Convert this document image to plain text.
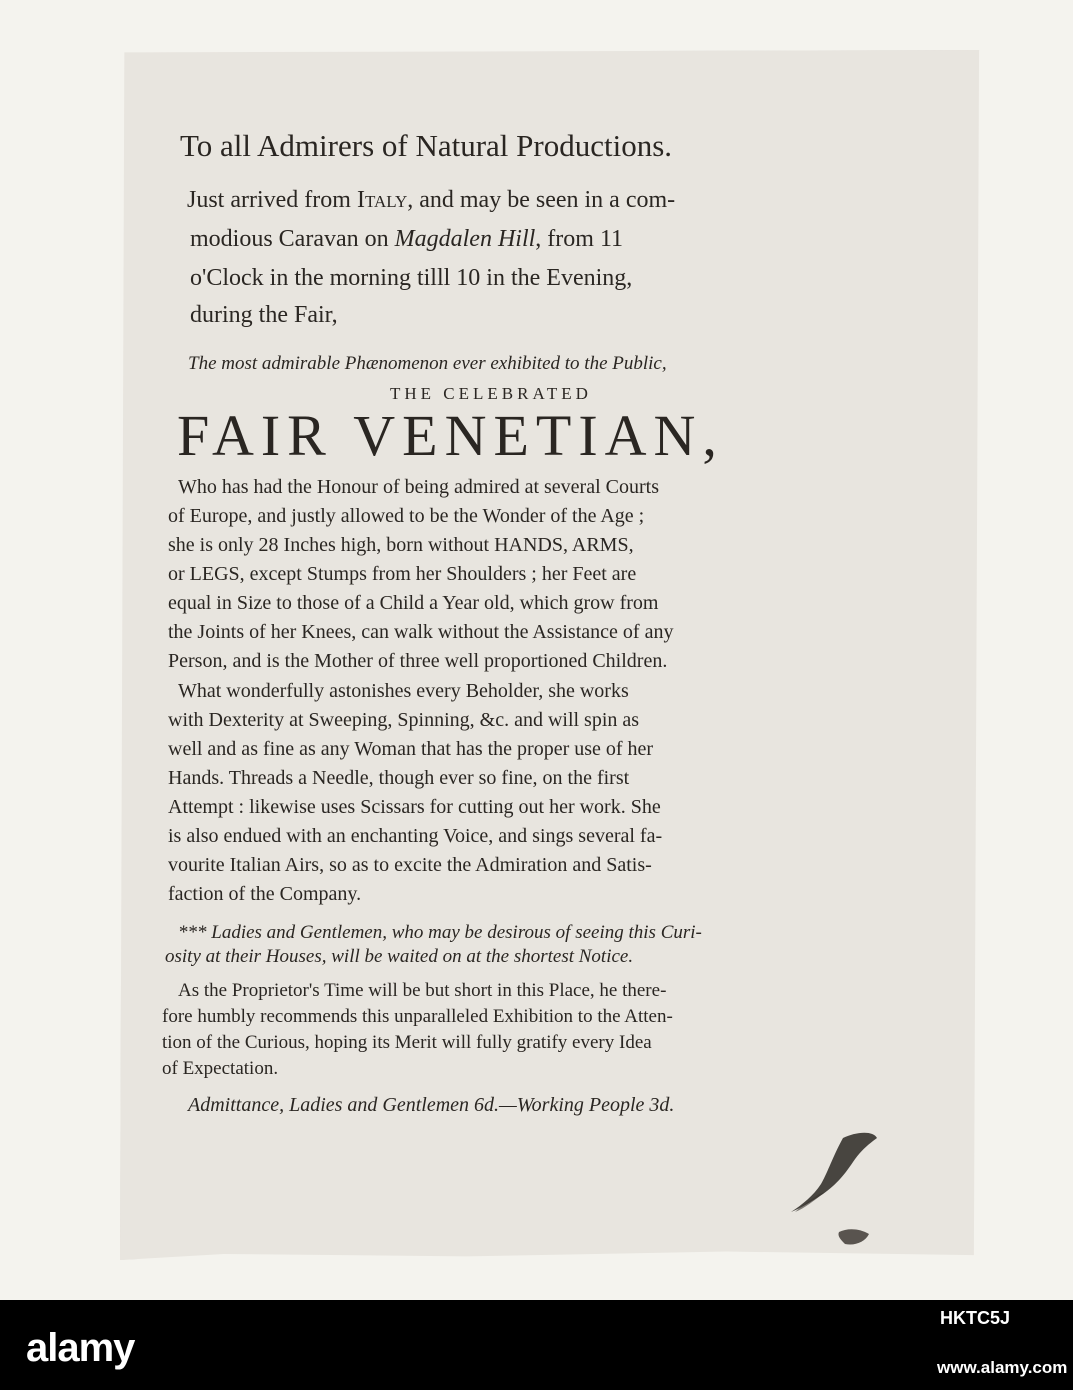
To all Admirers of Natural Productions.
Just arrived from Italy, and may be seen in a com-
modious Caravan on Magdalen Hill, from 11
o'Clock in the morning tilll 10 in the Evening,
during the Fair,
The most admirable Phænomenon ever exhibited to the Public,
THE CELEBRATED
FAIR VENETIAN,
Who has had the Honour of being admired at several Courts
of Europe, and justly allowed to be the Wonder of the Age ;
she is only 28 Inches high, born without HANDS, ARMS,
or LEGS, except Stumps from her Shoulders ; her Feet are
equal in Size to those of a Child a Year old, which grow from
the Joints of her Knees, can walk without the Assistance of any
Person, and is the Mother of three well proportioned Children.
What wonderfully astonishes every Beholder, she works
with Dexterity at Sweeping, Spinning, &c. and will spin as
well and as fine as any Woman that has the proper use of her
Hands. Threads a Needle, though ever so fine, on the first
Attempt : likewise uses Scissars for cutting out her work. She
is also endued with an enchanting Voice, and sings several fa-
vourite Italian Airs, so as to excite the Admiration and Satis-
faction of the Company.
*** Ladies and Gentlemen, who may be desirous of seeing this Curi-
osity at their Houses, will be waited on at the shortest Notice.
As the Proprietor's Time will be but short in this Place, he there-
fore humbly recommends this unparalleled Exhibition to the Atten-
tion of the Curious, hoping its Merit will fully gratify every Idea
of Expectation.
Admittance, Ladies and Gentlemen 6d.—Working People 3d.
alamy
HKTC5J
www.alamy.com
